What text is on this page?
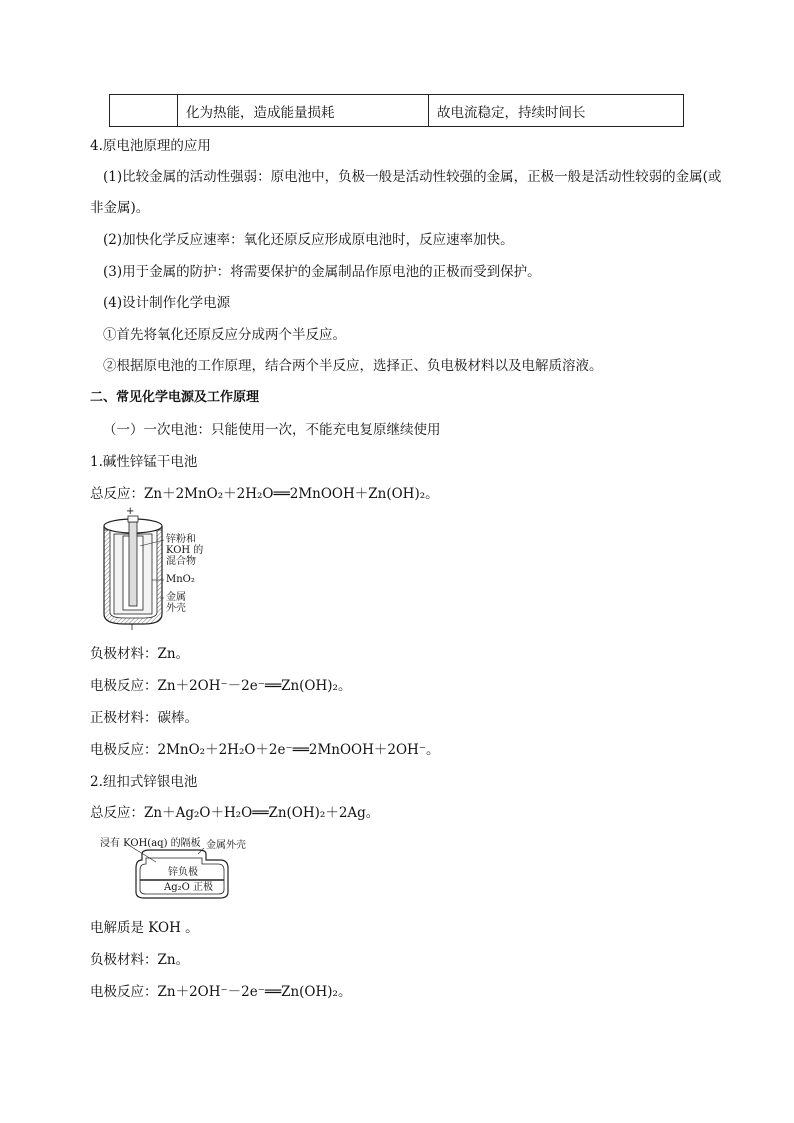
化为热能，造成能量损耗	故电流稳定，持续时间长
4.原电池原理的应用
(1)比较金属的活动性强弱：原电池中，负极一般是活动性较强的金属，正极一般是活动性较弱的金属(或
非金属)。
(2)加快化学反应速率：氧化还原反应形成原电池时，反应速率加快。
(3)用于金属的防护：将需要保护的金属制品作原电池的正极而受到保护。
(4)设计制作化学电源
①首先将氧化还原反应分成两个半反应。
②根据原电池的工作原理，结合两个半反应，选择正、负电极材料以及电解质溶液。
二、常见化学电源及工作原理
（一）一次电池：只能使用一次，不能充电复原继续使用
1.碱性锌锰干电池
总反应：Zn＋2MnO₂＋2H₂O══2MnOOH＋Zn(OH)₂。
+
－
锌粉和
KOH 的
混合物
MnO₂
金属
外壳
负极材料：Zn。
电极反应：Zn＋2OH⁻－2e⁻══Zn(OH)₂。
正极材料：碳棒。
电极反应：2MnO₂＋2H₂O＋2e⁻══2MnOOH＋2OH⁻。
2.纽扣式锌银电池
总反应：Zn＋Ag₂O＋H₂O══Zn(OH)₂＋2Ag。
浸有 KOH(aq) 的隔板 金属外壳
锌负极
Ag₂O 正极
电解质是 KOH 。
负极材料：Zn。
电极反应：Zn＋2OH⁻－2e⁻══Zn(OH)₂。
